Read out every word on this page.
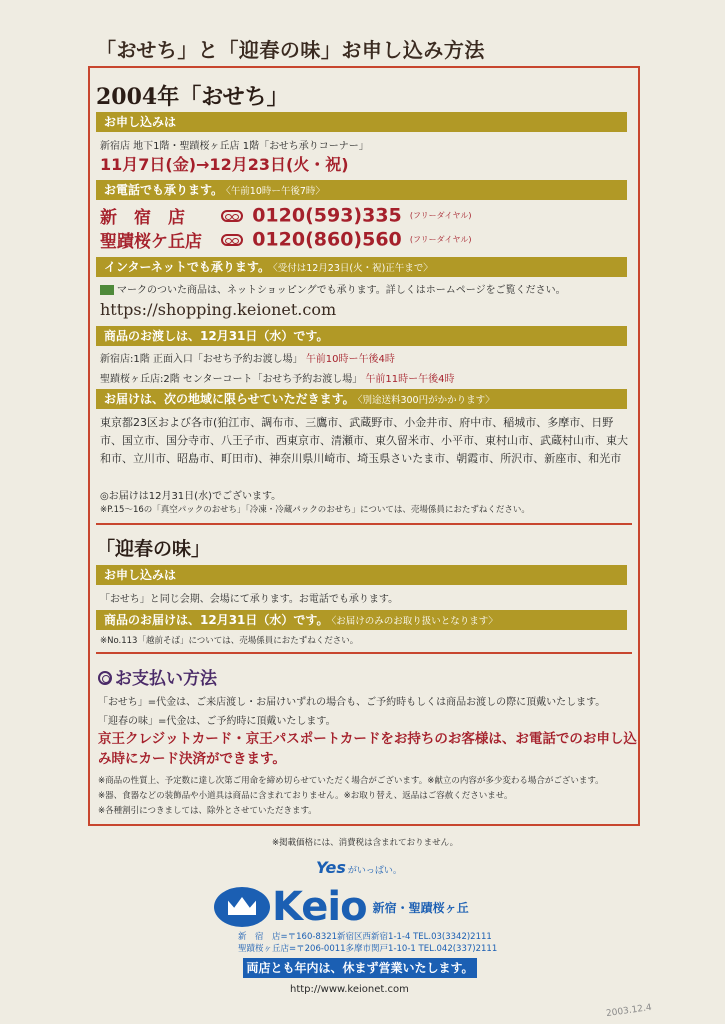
「おせち」と「迎春の味」お申し込み方法
2004年「おせち」
お申し込みは
新宿店 地下1階・聖蹟桜ヶ丘店 1階「おせち承りコーナー」
11月7日(金)→12月23日(火・祝)
お電話でも承ります。 〈午前10時ー午後7時〉
新　宿　店	0120(593)335 (フリーダイヤル)
聖蹟桜ケ丘店	0120(860)560 (フリーダイヤル)
インターネットでも承ります。 〈受付は12月23日(火・祝)正午まで〉
マークのついた商品は、ネットショッピングでも承ります。詳しくはホームページをご覧ください。
https://shopping.keionet.com
商品のお渡しは、12月31日（水）です。
新宿店:1階 正面入口「おせち予約お渡し場」 午前10時ー午後4時
聖蹟桜ヶ丘店:2階 センターコート「おせち予約お渡し場」 午前11時ー午後4時
お届けは、次の地域に限らせていただきます。 〈別途送料300円がかかります〉
東京都23区および各市(狛江市、調布市、三鷹市、武蔵野市、小金井市、府中市、稲城市、多摩市、日野市、国立市、国分寺市、八王子市、西東京市、清瀬市、東久留米市、小平市、東村山市、武蔵村山市、東大和市、立川市、昭島市、町田市)、神奈川県川崎市、埼玉県さいたま市、朝霞市、所沢市、新座市、和光市
◎お届けは12月31日(水)でございます。
※P.15〜16の「真空パックのおせち」「冷凍・冷蔵パックのおせち」については、売場係員におたずねください。
「迎春の味」
お申し込みは
「おせち」と同じ会期、会場にて承ります。お電話でも承ります。
商品のお届けは、12月31日（水）です。 〈お届けのみのお取り扱いとなります〉
※No.113「越前そば」については、売場係員におたずねください。
お支払い方法
「おせち」=代金は、ご来店渡し・お届けいずれの場合も、ご予約時もしくは商品お渡しの際に頂戴いたします。
「迎春の味」=代金は、ご予約時に頂戴いたします。
京王クレジットカード・京王パスポートカードをお持ちのお客様は、お電話でのお申し込み時にカード決済ができます。
※商品の性質上、予定数に達し次第ご用命を締め切らせていただく場合がございます。※献立の内容が多少変わる場合がございます。
※器、食器などの装飾品や小道具は商品に含まれておりません。※お取り替え、返品はご容赦くださいませ。
※各種割引につきましては、除外とさせていただきます。
※掲載価格には、消費税は含まれておりません。
Yes がいっぱい。
Keio 新宿・聖蹟桜ヶ丘
新　宿　店=〒160-8321新宿区西新宿1-1-4 TEL.03(3342)2111
聖蹟桜ヶ丘店=〒206-0011多摩市関戸1-10-1 TEL.042(337)2111
両店とも年内は、休まず営業いたします。
http://www.keionet.com
2003.12.4
